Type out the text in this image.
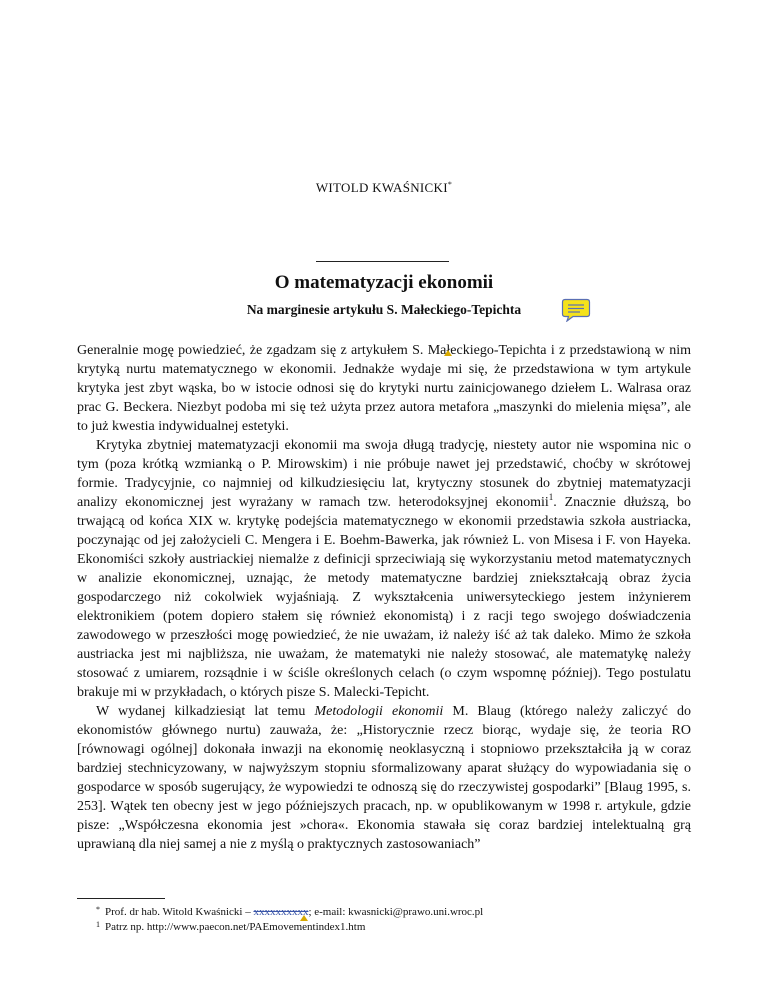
WITOLD KWAŚNICKI*
O matematyzacji ekonomii
Na marginesie artykułu S. Małeckiego-Tepichta

Generalnie mogę powiedzieć, że zgadzam się z artykułem S. Małeckiego-Tepichta i z przedstawioną w nim krytyką nurtu matematycznego w ekonomii. Jednakże wydaje mi się, że przedstawiona w tym artykule krytyka jest zbyt wąska, bo w istocie odnosi się do krytyki nurtu zainicjowanego dziełem L. Walrasa oraz prac G. Beckera. Niezbyt podoba mi się też użyta przez autora metafora „maszynki do mielenia mięsa”, ale to już kwestia indywidualnej estetyki.

Krytyka zbytniej matematyzacji ekonomii ma swoja długą tradycję, niestety autor nie wspomina nic o tym (poza krótką wzmianką o P. Mirowskim) i nie próbuje nawet jej przedstawić, choćby w skrótowej formie. Tradycyjnie, co najmniej od kilkudziesięciu lat, krytyczny stosunek do zbytniej matematyzacji analizy ekonomicznej jest wyrażany w ramach tzw. heterodoksyjnej ekonomii$^1$. Znacznie dłuższą, bo trwającą od końca XIX w. krytykę podejścia matematycznego w ekonomii przedstawia szkoła austriacka, poczynając od jej założycieli C. Mengera i E. Boehm-Bawerka, jak również L. von Misesa i F. von Hayeka. Ekonomiści szkoły austriackiej niemalże z definicji sprzeciwiają się wykorzystaniu metod matematycznych w analizie ekonomicznej, uznając, że metody matematyczne bardziej zniekształcają obraz życia gospodarczego niż cokolwiek wyjaśniają. Z wykształcenia uniwersyteckiego jestem inżynierem elektronikiem (potem dopiero stałem się również ekonomistą) i z racji tego swojego doświadczenia zawodowego w przeszłości mogę powiedzieć, że nie uważam, iż należy iść aż tak daleko. Mimo że szkoła austriacka jest mi najbliższa, nie uważam, że matematyki nie należy stosować, ale matematykę należy stosować z umiarem, rozsądnie i w ściśle określonych celach (o czym wspomnę później). Tego postulatu brakuje mi w przykładach, o których pisze S. Malecki-Tepicht.

W wydanej kilkadziesiąt lat temu Metodologii ekonomii M. Blaug (którego należy zaliczyć do ekonomistów głównego nurtu) zauważa, że: „Historycznie rzecz biorąc, wydaje się, że teoria RO [równowagi ogólnej] dokonała inwazji na ekonomię neoklasyczną i stopniowo przekształciła ją w coraz bardziej stechnicyzowany, w najwyższym stopniu sformalizowany aparat służący do wypowiadania się o gospodarce w sposób sugerujący, że wypowiedzi te odnoszą się do rzeczywistej gospodarki” [Blaug 1995, s. 253]. Wątek ten obecny jest w jego późniejszych pracach, np. w opublikowanym w 1998 r. artykule, gdzie pisze: „Współczesna ekonomia jest »chora«. Ekonomia stawała się coraz bardziej intelektualną grą uprawianą dla niej samej a nie z myślą o praktycznych zastosowaniach”

* Prof. dr hab. Witold Kwaśnicki – xxxxxxxxxx; e-mail: kwasnicki@prawo.uni.wroc.pl
1 Patrz np. http://www.paecon.net/PAEmovementindex1.htm
